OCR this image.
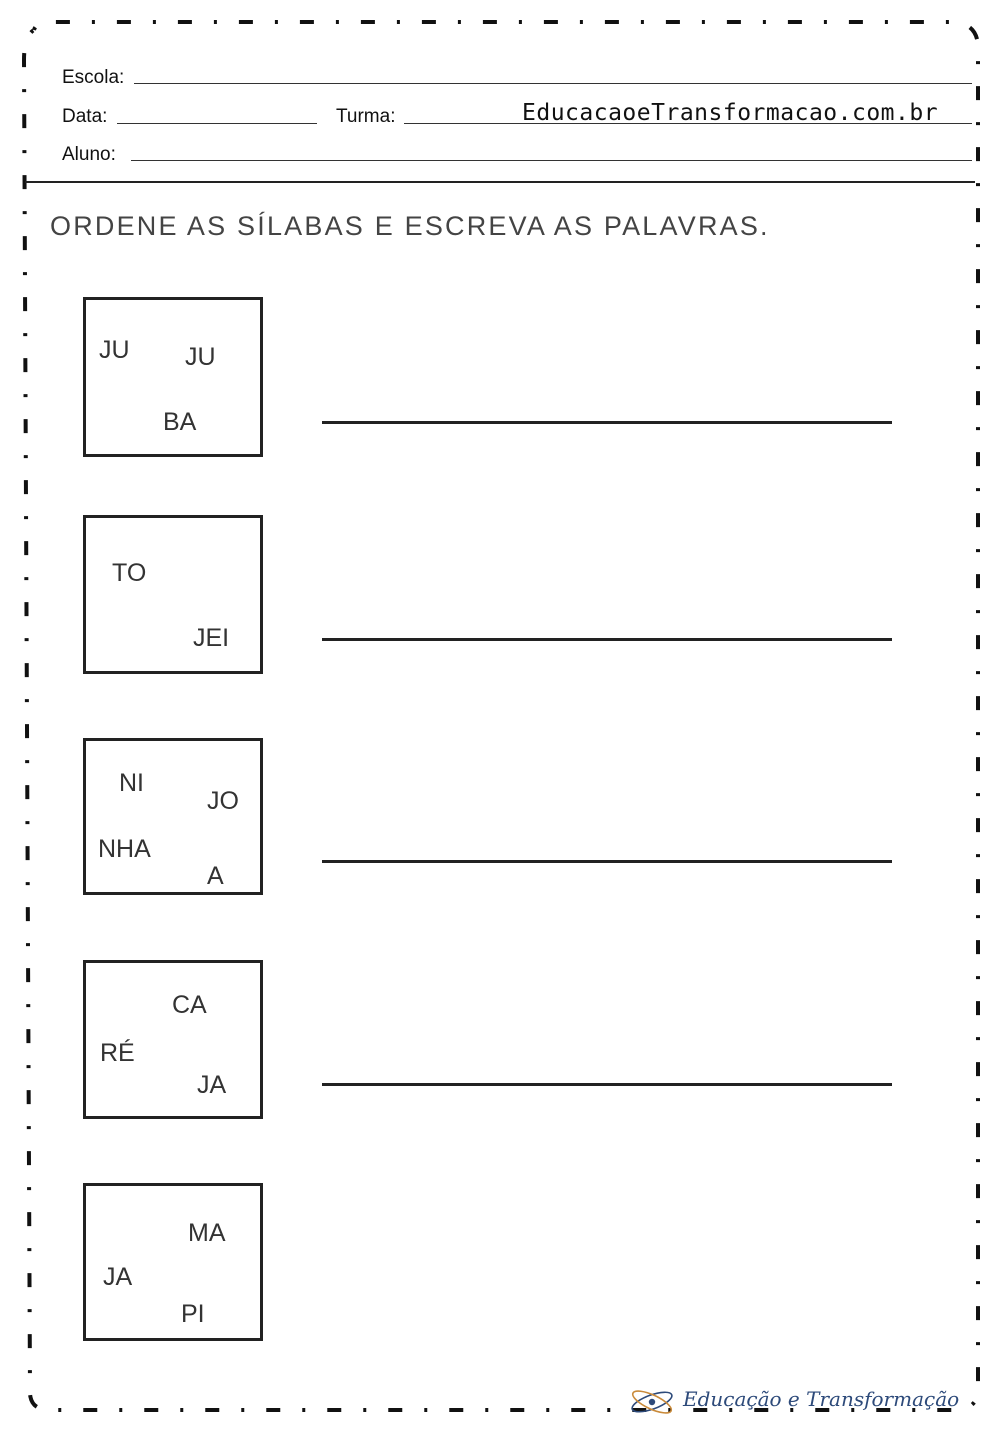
Escola:
Data:	Turma:	EducacaoeTransformacao.com.br
Aluno:
ORDENE AS SÍLABAS E ESCREVA AS PALAVRAS.
JU JU
BA
TO
JEI
NI
JO
NHA
A
CA
RÉ
JA
MA
JA
PI
Educação e Transformação
